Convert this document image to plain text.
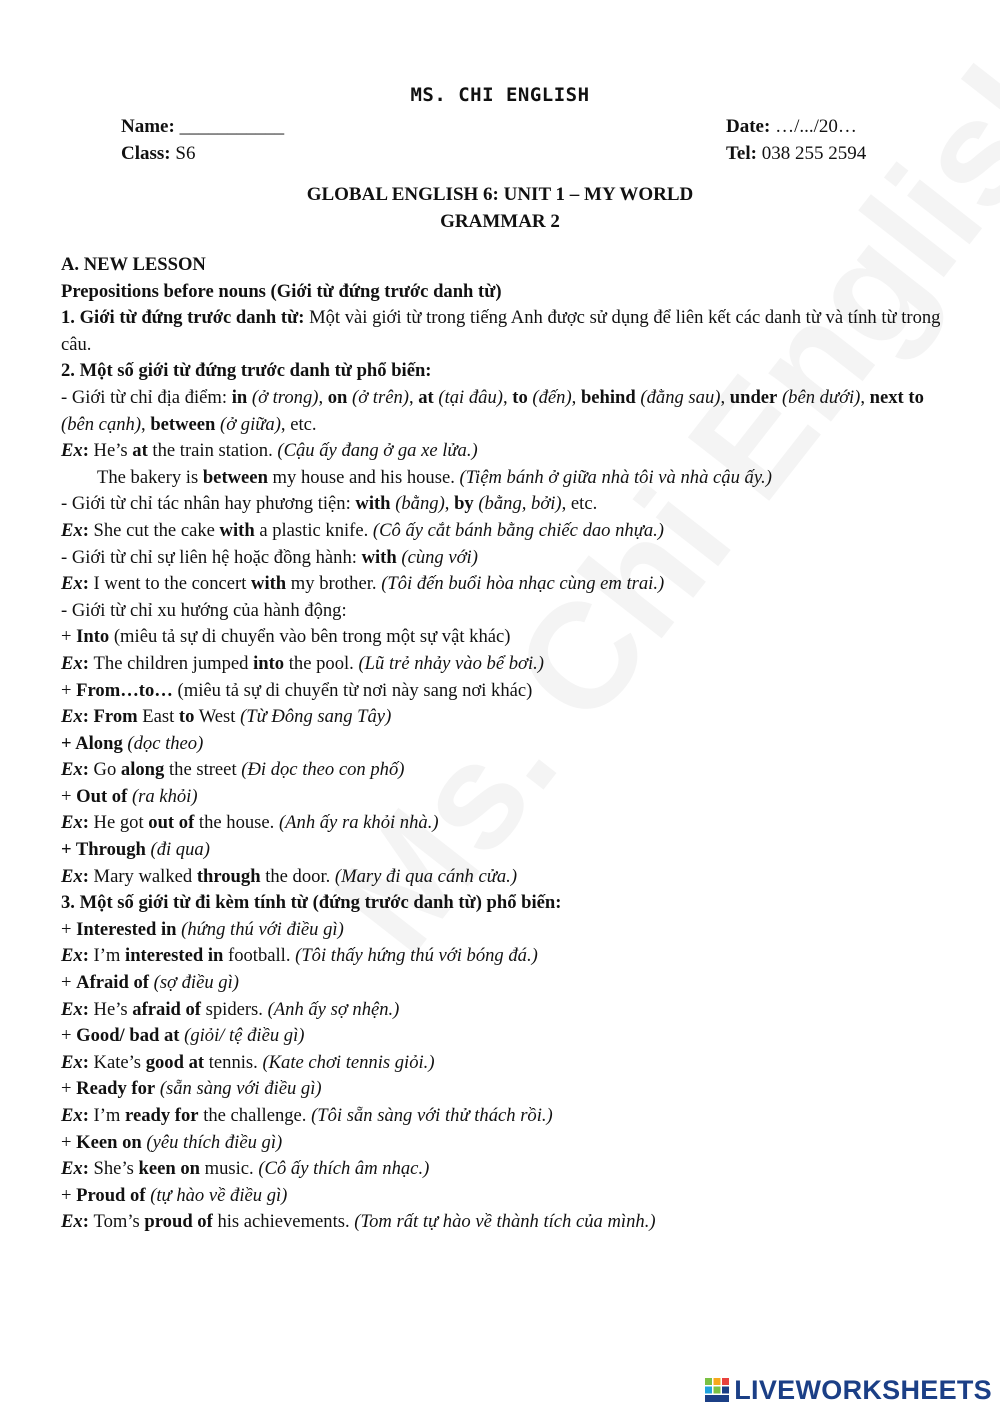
MS. CHI ENGLISH
Name: ___________	Date: …/.../20…
Class: S6	Tel: 038 255 2594
GLOBAL ENGLISH 6: UNIT 1 – MY WORLD
GRAMMAR 2

A. NEW LESSON

Prepositions before nouns (Giới từ đứng trước danh từ)

1. Giới từ đứng trước danh từ: Một vài giới từ trong tiếng Anh được sử dụng để liên kết các danh từ và tính từ trong câu.

2. Một số giới từ đứng trước danh từ phổ biến:

- Giới từ chỉ địa điểm: in (ở trong), on (ở trên), at (tại đâu), to (đến), behind (đằng sau), under (bên dưới), next to (bên cạnh), between (ở giữa), etc.

Ex: He’s at the train station. (Cậu ấy đang ở ga xe lửa.)

The bakery is between my house and his house. (Tiệm bánh ở giữa nhà tôi và nhà cậu ấy.)

- Giới từ chỉ tác nhân hay phương tiện: with (bằng), by (bằng, bởi), etc.

Ex: She cut the cake with a plastic knife. (Cô ấy cắt bánh bằng chiếc dao nhựa.)

- Giới từ chỉ sự liên hệ hoặc đồng hành: with (cùng với)

Ex: I went to the concert with my brother. (Tôi đến buổi hòa nhạc cùng em trai.)

- Giới từ chỉ xu hướng của hành động:

+ Into (miêu tả sự di chuyển vào bên trong một sự vật khác)

Ex: The children jumped into the pool. (Lũ trẻ nhảy vào bể bơi.)

+ From…to… (miêu tả sự di chuyển từ nơi này sang nơi khác)

Ex: From East to West (Từ Đông sang Tây)

+ Along (dọc theo)

Ex: Go along the street (Đi dọc theo con phố)

+ Out of (ra khỏi)

Ex: He got out of the house. (Anh ấy ra khỏi nhà.)

+ Through (đi qua)

Ex: Mary walked through the door. (Mary đi qua cánh cửa.)

3. Một số giới từ đi kèm tính từ (đứng trước danh từ) phổ biến:

+ Interested in (hứng thú với điều gì)

Ex: I’m interested in football. (Tôi thấy hứng thú với bóng đá.)

+ Afraid of (sợ điều gì)

Ex: He’s afraid of spiders. (Anh ấy sợ nhện.)

+ Good/ bad at (giỏi/ tệ điều gì)

Ex: Kate’s good at tennis. (Kate chơi tennis giỏi.)

+ Ready for (sẵn sàng với điều gì)

Ex: I’m ready for the challenge. (Tôi sẵn sàng với thử thách rồi.)

+ Keen on (yêu thích điều gì)

Ex: She’s keen on music. (Cô ấy thích âm nhạc.)

+ Proud of (tự hào về điều gì)

Ex: Tom’s proud of his achievements. (Tom rất tự hào về thành tích của mình.)

LIVEWORKSHEETS
